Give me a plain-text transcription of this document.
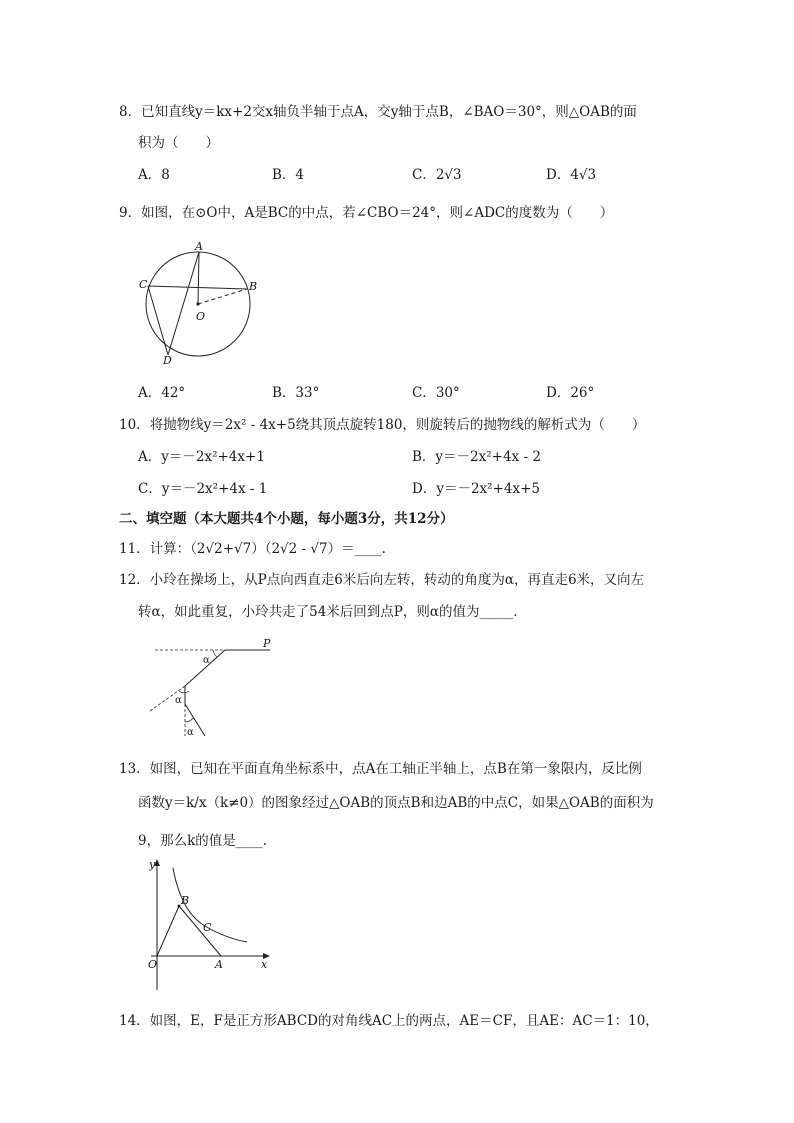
8．已知直线y＝kx+2交x轴负半轴于点A，交y轴于点B，∠BAO＝30°，则△OAB的面
积为（　　）
A．8	B．4	C．2√3	D．4√3
9．如图，在⊙O中，A是BC的中点，若∠CBO＝24°，则∠ADC的度数为（　　）
A
B
C
D
O
A．42°	B．33°	C．30°	D．26°
10．将抛物线y＝2x² - 4x+5绕其顶点旋转180，则旋转后的抛物线的解析式为（　　）
A．y＝－2x²+4x+1	B．y＝－2x²+4x - 2
C．y＝－2x²+4x - 1	D．y＝－2x²+4x+5
二、填空题（本大题共4个小题，每小题3分，共12分）
11．计算：（2√2+√7）（2√2 - √7）＝____.
12．小玲在操场上，从P点向西直走6米后向左转，转动的角度为α，再直走6米，又向左
转α，如此重复，小玲共走了54米后回到点P，则α的值为_____.
P
α
α
α
13．如图，已知在平面直角坐标系中，点A在工轴正半轴上，点B在第一象限内，反比例
函数y＝k/x（k≠0）的图象经过△OAB的顶点B和边AB的中点C，如果△OAB的面积为
9，那么k的值是____.
y
x
O	A
B
C
14．如图，E，F是正方形ABCD的对角线AC上的两点，AE＝CF，且AE：AC＝1：10，
